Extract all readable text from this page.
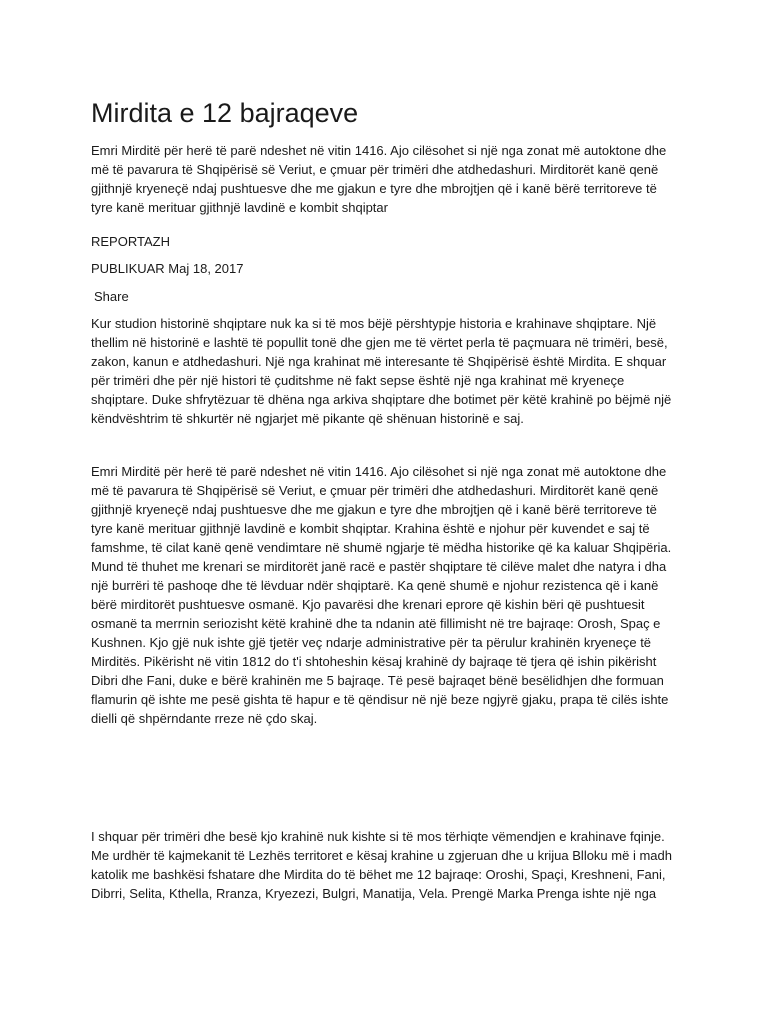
Mirdita e 12 bajraqeve

Emri Mirditë për herë të parë ndeshet në vitin 1416. Ajo cilësohet si një nga zonat më autoktone dhe më të pavarura të Shqipërisë së Veriut, e çmuar për trimëri dhe atdhedashuri. Mirditorët kanë qenë gjithnjë kryeneçë ndaj pushtuesve dhe me gjakun e tyre dhe mbrojtjen që i kanë bërë territoreve të tyre kanë merituar gjithnjë lavdinë e kombit shqiptar

REPORTAZH

PUBLIKUAR Maj 18, 2017

Share

Kur studion historinë shqiptare nuk ka si të mos bëjë përshtypje historia e krahinave shqiptare. Një thellim në historinë e lashtë të popullit tonë dhe gjen me të vërtet perla të paçmuara në trimëri, besë, zakon, kanun e atdhedashuri. Një nga krahinat më interesante të Shqipërisë është Mirdita. E shquar për trimëri dhe për një histori të çuditshme në fakt sepse është një nga krahinat më kryeneçe shqiptare. Duke shfrytëzuar të dhëna nga arkiva shqiptare dhe botimet për këtë krahinë po bëjmë një këndvështrim të shkurtër në ngjarjet më pikante që shënuan historinë e saj.

Emri Mirditë për herë të parë ndeshet në vitin 1416. Ajo cilësohet si një nga zonat më autoktone dhe më të pavarura të Shqipërisë së Veriut, e çmuar për trimëri dhe atdhedashuri. Mirditorët kanë qenë gjithnjë kryeneçë ndaj pushtuesve dhe me gjakun e tyre dhe mbrojtjen që i kanë bërë territoreve të tyre kanë merituar gjithnjë lavdinë e kombit shqiptar. Krahina është e njohur për kuvendet e saj të famshme, të cilat kanë qenë vendimtare në shumë ngjarje të mëdha historike që ka kaluar Shqipëria. Mund të thuhet me krenari se mirditorët janë racë e pastër shqiptare të cilëve malet dhe natyra i dha një burrëri të pashoqe dhe të lëvduar ndër shqiptarë. Ka qenë shumë e njohur rezistenca që i kanë bërë mirditorët pushtuesve osmanë. Kjo pavarësi dhe krenari eprore që kishin bëri që pushtuesit osmanë ta merrnin seriozisht këtë krahinë dhe ta ndanin atë fillimisht në tre bajraqe: Orosh, Spaç e Kushnen. Kjo gjë nuk ishte gjë tjetër veç ndarje administrative për ta përulur krahinën kryeneçe të Mirditës. Pikërisht në vitin 1812 do t'i shtoheshin kësaj krahinë dy bajraqe të tjera që ishin pikërisht Dibri dhe Fani, duke e bërë krahinën me 5 bajraqe. Të pesë bajraqet bënë besëlidhjen dhe formuan flamurin që ishte me pesë gishta të hapur e të qëndisur në një beze ngjyrë gjaku, prapa të cilës ishte dielli që shpërndante rreze në çdo skaj.

I shquar për trimëri dhe besë kjo krahinë nuk kishte si të mos tërhiqte vëmendjen e krahinave fqinje. Me urdhër të kajmekanit të Lezhës territoret e kësaj krahine u zgjeruan dhe u krijua Blloku më i madh katolik me bashkësi fshatare dhe Mirdita do të bëhet me 12 bajraqe: Oroshi, Spaçi, Kreshneni, Fani, Dibrri, Selita, Kthella, Rranza, Kryezezi, Bulgri, Manatija, Vela. Prengë Marka Prenga ishte një nga
